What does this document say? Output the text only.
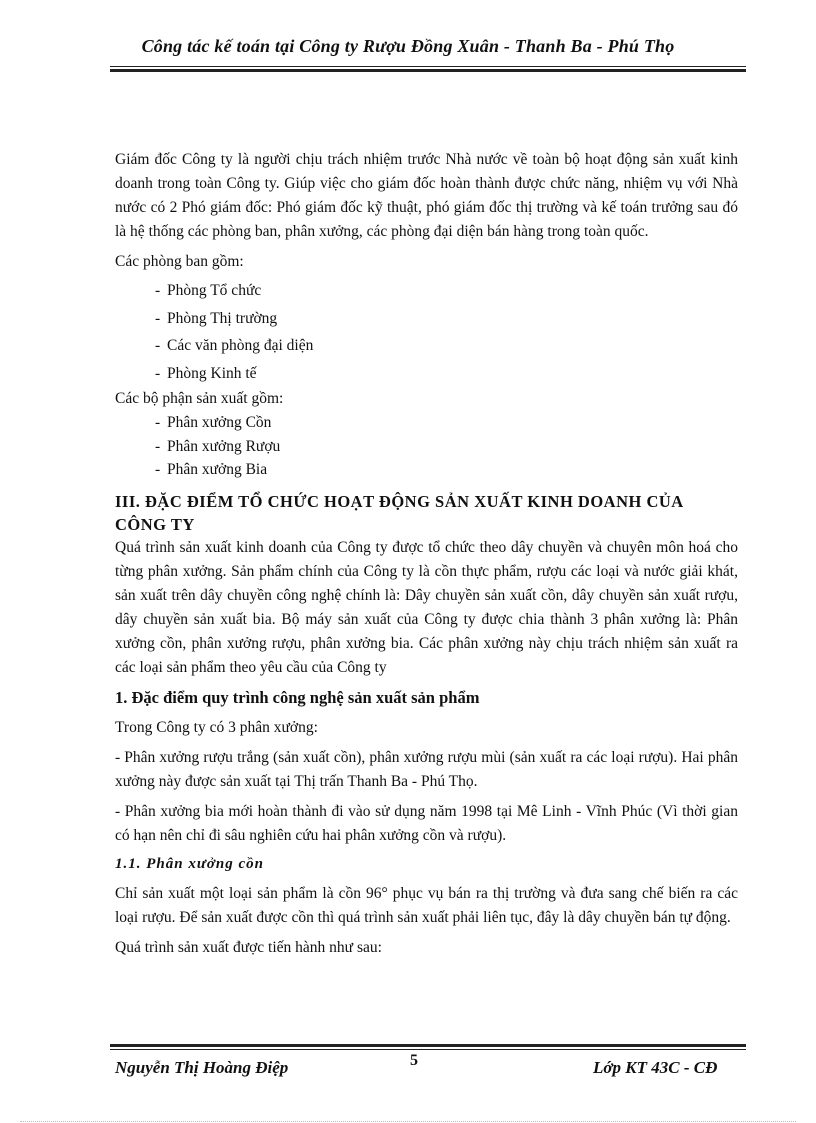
Công tác kế toán tại Công ty Rượu Đồng Xuân - Thanh Ba - Phú Thọ

Giám đốc Công ty là người chịu trách nhiệm trước Nhà nước về toàn bộ hoạt động sản xuất kinh doanh trong toàn Công ty. Giúp việc cho giám đốc hoàn thành được chức năng, nhiệm vụ với Nhà nước có 2 Phó giám đốc: Phó giám đốc kỹ thuật, phó giám đốc thị trường và kế toán trưởng sau đó là hệ thống các phòng ban, phân xưởng, các phòng đại diện bán hàng trong toàn quốc.

Các phòng ban gồm:

- Phòng Tổ chức
- Phòng Thị trường
- Các văn phòng đại diện
- Phòng Kinh tế

Các bộ phận sản xuất gồm:

- Phân xưởng Cồn
- Phân xưởng Rượu
- Phân xưởng Bia
III. ĐẶC ĐIỂM TỔ CHỨC HOẠT ĐỘNG SẢN XUẤT KINH DOANH CỦA CÔNG TY

Quá trình sản xuất kinh doanh của Công ty được tổ chức theo dây chuyền và chuyên môn hoá cho từng phân xưởng. Sản phẩm chính của Công ty là cồn thực phẩm, rượu các loại và nước giải khát, sản xuất trên dây chuyền công nghệ chính là: Dây chuyền sản xuất cồn, dây chuyền sản xuất rượu, dây chuyền sản xuất bia. Bộ máy sản xuất của Công ty được chia thành 3 phân xưởng là: Phân xưởng cồn, phân xưởng rượu, phân xưởng bia. Các phân xưởng này chịu trách nhiệm sản xuất ra các loại sản phẩm theo yêu cầu của Công ty

1. Đặc điểm quy trình công nghệ sản xuất sản phẩm

Trong Công ty có 3 phân xưởng:

- Phân xưởng rượu trắng (sản xuất cồn), phân xưởng rượu mùi (sản xuất ra các loại rượu). Hai phân xưởng này được sản xuất tại Thị trấn Thanh Ba - Phú Thọ.

- Phân xưởng bia mới hoàn thành đi vào sử dụng năm 1998 tại Mê Linh - Vĩnh Phúc (Vì thời gian có hạn nên chỉ đi sâu nghiên cứu hai phân xưởng cồn và rượu).

1.1. Phân xưởng cồn

Chỉ sản xuất một loại sản phẩm là cồn 96° phục vụ bán ra thị trường và đưa sang chế biến ra các loại rượu. Để sản xuất được cồn thì quá trình sản xuất phải liên tục, đây là dây chuyền bán tự động.

Quá trình sản xuất được tiến hành như sau:

Nguyễn Thị Hoàng Điệp	5	Lớp KT 43C - CĐ
